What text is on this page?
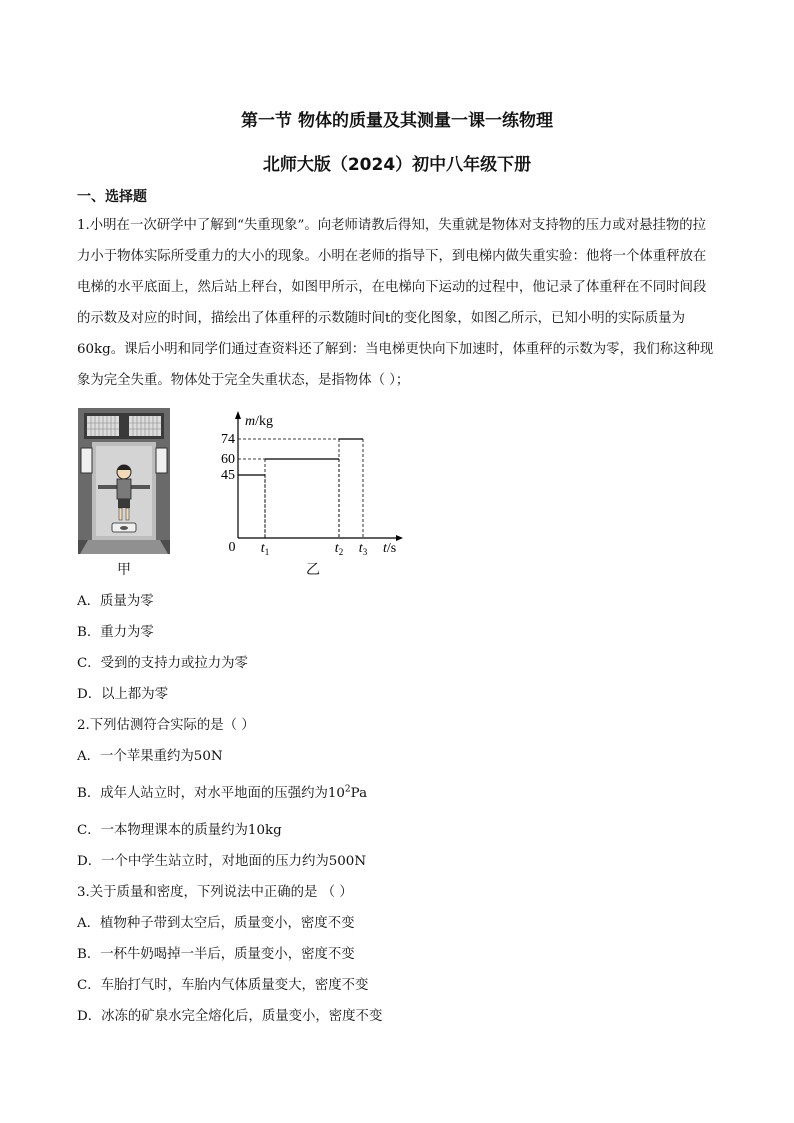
第一节 物体的质量及其测量一课一练物理
北师大版（2024）初中八年级下册
一、选择题
1.小明在一次研学中了解到“失重现象”。向老师请教后得知，失重就是物体对支持物的压力或对悬挂物的拉力小于物体实际所受重力的大小的现象。小明在老师的指导下，到电梯内做失重实验：他将一个体重秤放在电梯的水平底面上，然后站上秤台，如图甲所示，在电梯向下运动的过程中，他记录了体重秤在不同时间段的示数及对应的时间，描绘出了体重秤的示数随时间t的变化图象，如图乙所示，已知小明的实际质量为60kg。课后小明和同学们通过查资料还了解到：当电梯更快向下加速时，体重秤的示数为零，我们称这种现象为完全失重。物体处于完全失重状态，是指物体（ ）；
甲
m/kg
t/s
0
45
60
74
$t_1$	$t_2$ $t_3$
乙
A．质量为零
B．重力为零
C．受到的支持力或拉力为零
D．以上都为零
2.下列估测符合实际的是（ ）
A．一个苹果重约为50N
B．成年人站立时，对水平地面的压强约为$10^2Pa$
C．一本物理课本的质量约为10kg
D．一个中学生站立时，对地面的压力约为500N
3.关于质量和密度，下列说法中正确的是 （ ）
A．植物种子带到太空后，质量变小，密度不变
B．一杯牛奶喝掉一半后，质量变小，密度不变
C．车胎打气时，车胎内气体质量变大，密度不变
D．冰冻的矿泉水完全熔化后，质量变小，密度不变
